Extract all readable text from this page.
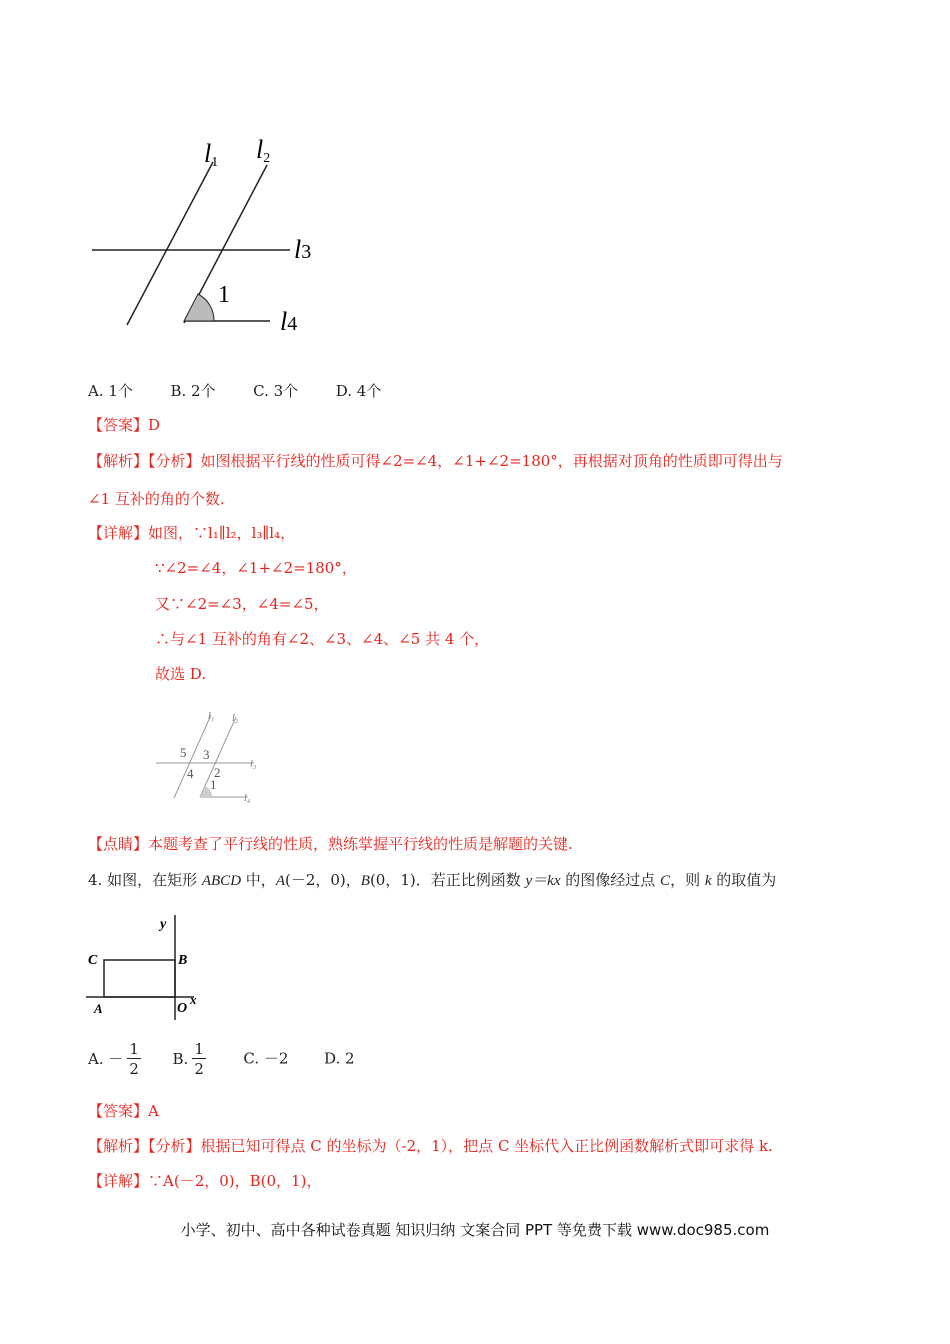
l1 l2
l3
l4
1
A. 1个	B. 2个	C. 3个	D. 4个
【答案】D
【解析】【分析】如图根据平行线的性质可得∠2=∠4，∠1+∠2=180°，再根据对顶角的性质即可得出与
∠1 互补的角的个数.
【详解】如图，∵l₁∥l₂，l₃∥l₄，
∵∠2=∠4，∠1+∠2=180°，
又∵∠2=∠3，∠4=∠5，
∴与∠1 互补的角有∠2、∠3、∠4、∠5 共 4 个，
故选 D.
l₁ l₂
l₃
l₄
5 3
4 2
1
【点睛】本题考查了平行线的性质，熟练掌握平行线的性质是解题的关键.
4. 如图，在矩形 ABCD 中，A(－2，0)，B(0，1)．若正比例函数 y＝kx 的图像经过点 C，则 k 的取值为
y
C	B
A	O
x
A. － $\frac{1}{2} B$. $\frac{1}{2}$	C. －2 D. 2
【答案】A
【解析】【分析】根据已知可得点 C 的坐标为（-2，1），把点 C 坐标代入正比例函数解析式即可求得 k.
【详解】∵A(－2，0)，B(0，1)，
小学、初中、高中各种试卷真题 知识归纳 文案合同 PPT 等免费下载 www.doc985.com
